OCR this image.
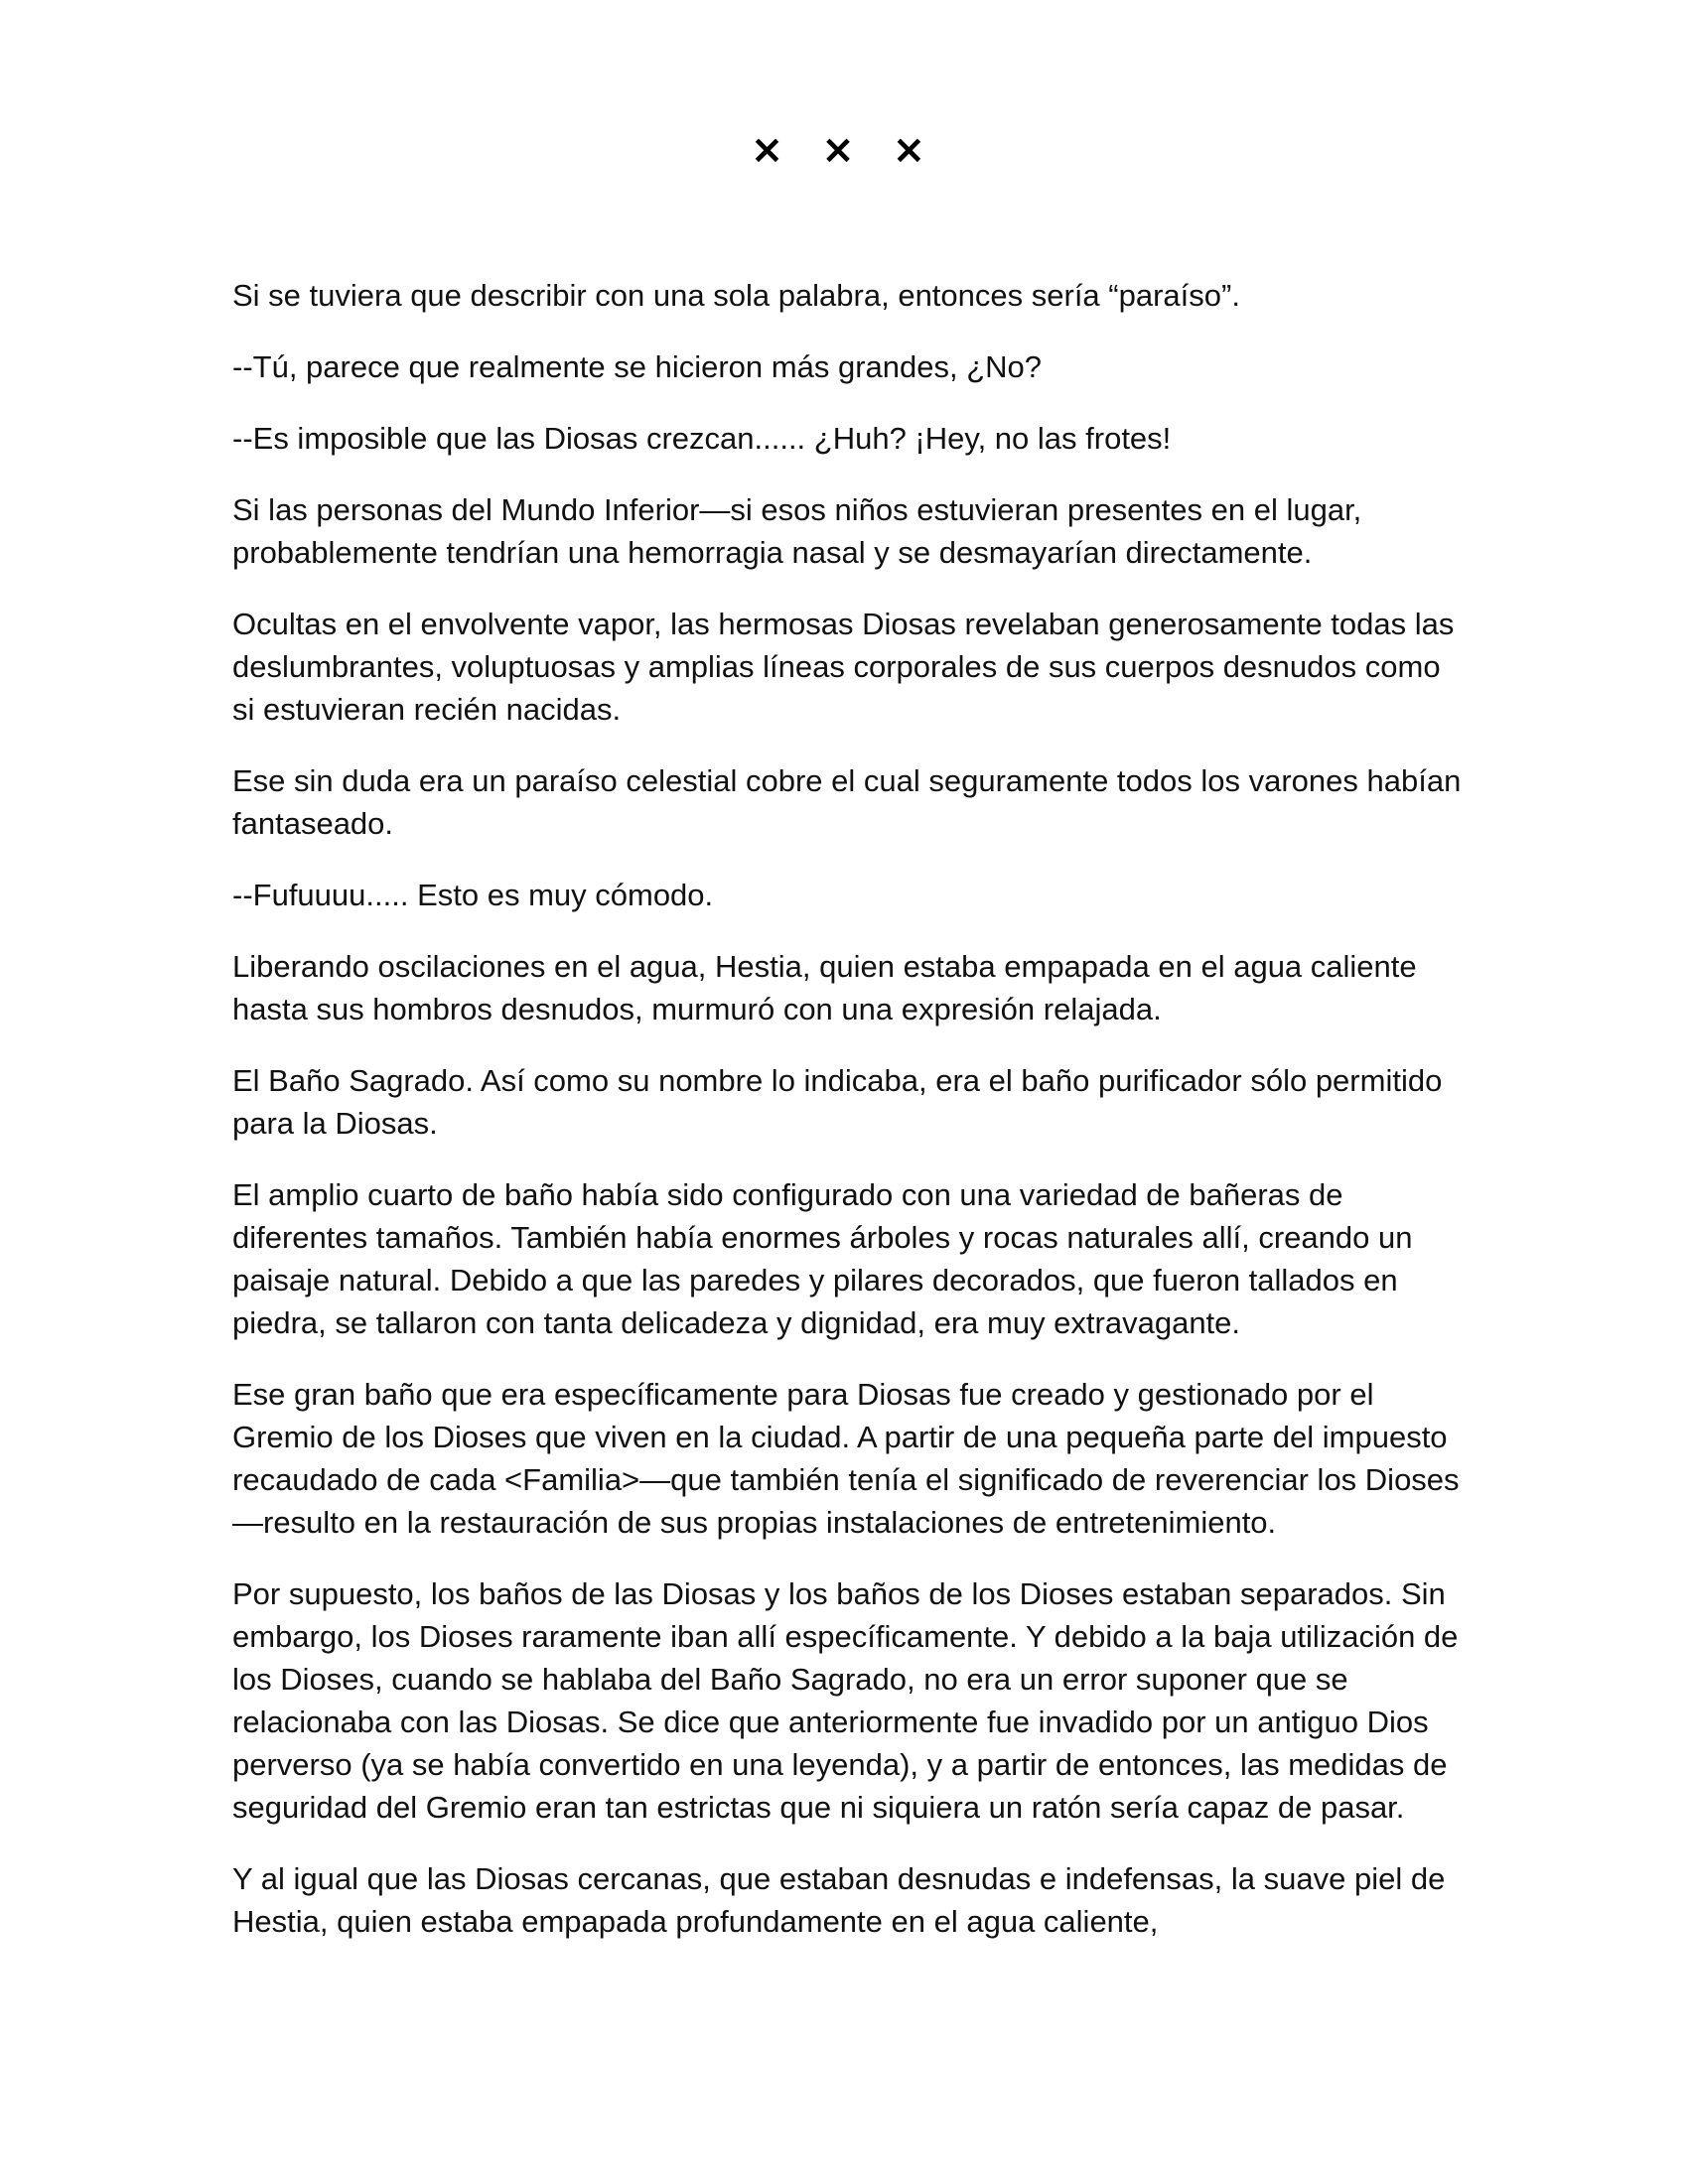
× × ×

Si se tuviera que describir con una sola palabra, entonces sería “paraíso”.

--Tú, parece que realmente se hicieron más grandes, ¿No?

--Es imposible que las Diosas crezcan...... ¿Huh? ¡Hey, no las frotes!

Si las personas del Mundo Inferior—si esos niños estuvieran presentes en el lugar, probablemente tendrían una hemorragia nasal y se desmayarían directamente.

Ocultas en el envolvente vapor, las hermosas Diosas revelaban generosamente todas las deslumbrantes, voluptuosas y amplias líneas corporales de sus cuerpos desnudos como si estuvieran recién nacidas.

Ese sin duda era un paraíso celestial cobre el cual seguramente todos los varones habían fantaseado.

--Fufuuuu..... Esto es muy cómodo.

Liberando oscilaciones en el agua, Hestia, quien estaba empapada en el agua caliente hasta sus hombros desnudos, murmuró con una expresión relajada.

El Baño Sagrado. Así como su nombre lo indicaba, era el baño purificador sólo permitido para la Diosas.

El amplio cuarto de baño había sido configurado con una variedad de bañeras de diferentes tamaños. También había enormes árboles y rocas naturales allí, creando un paisaje natural. Debido a que las paredes y pilares decorados, que fueron tallados en piedra, se tallaron con tanta delicadeza y dignidad, era muy extravagante.

Ese gran baño que era específicamente para Diosas fue creado y gestionado por el Gremio de los Dioses que viven en la ciudad. A partir de una pequeña parte del impuesto recaudado de cada <Familia>—que también tenía el significado de reverenciar los Dioses—resulto en la restauración de sus propias instalaciones de entretenimiento.

Por supuesto, los baños de las Diosas y los baños de los Dioses estaban separados. Sin embargo, los Dioses raramente iban allí específicamente. Y debido a la baja utilización de los Dioses, cuando se hablaba del Baño Sagrado, no era un error suponer que se relacionaba con las Diosas. Se dice que anteriormente fue invadido por un antiguo Dios perverso (ya se había convertido en una leyenda), y a partir de entonces, las medidas de seguridad del Gremio eran tan estrictas que ni siquiera un ratón sería capaz de pasar.

Y al igual que las Diosas cercanas, que estaban desnudas e indefensas, la suave piel de Hestia, quien estaba empapada profundamente en el agua caliente,
